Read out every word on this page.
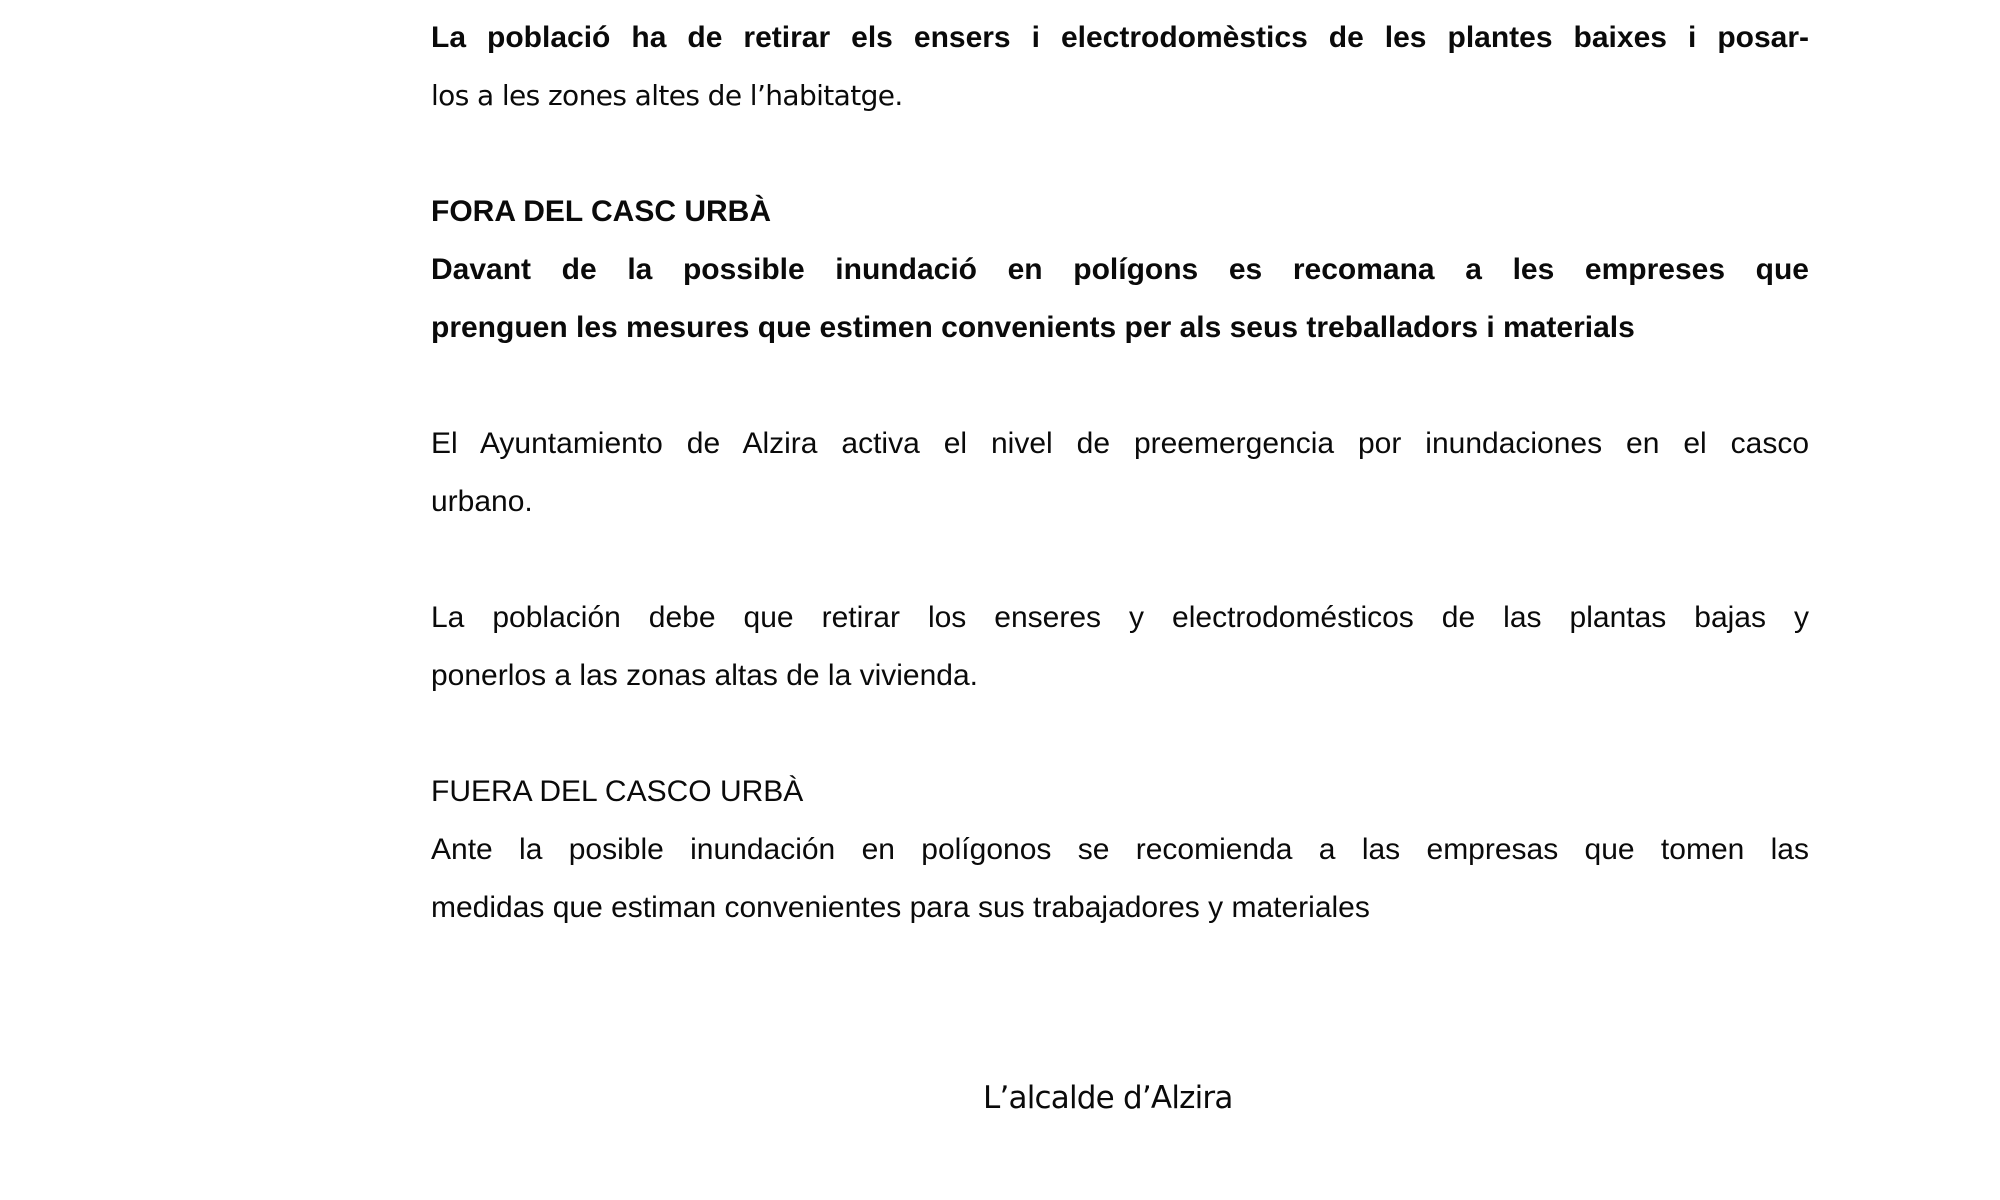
La població ha de retirar els ensers i electrodomèstics de les plantes baixes i posar-
los a les zones altes de l’habitatge.
FORA DEL CASC URBÀ
Davant de la possible inundació en polígons es recomana a les empreses que
prenguen les mesures que estimen convenients per als seus treballadors i materials
El Ayuntamiento de Alzira activa el nivel de preemergencia por inundaciones en el casco
urbano.
La población debe que retirar los enseres y electrodomésticos de las plantas bajas y
ponerlos a las zonas altas de la vivienda.
FUERA DEL CASCO URBÀ
Ante la posible inundación en polígonos se recomienda a las empresas que tomen las
medidas que estiman convenientes para sus trabajadores y materiales
L’alcalde d’Alzira
